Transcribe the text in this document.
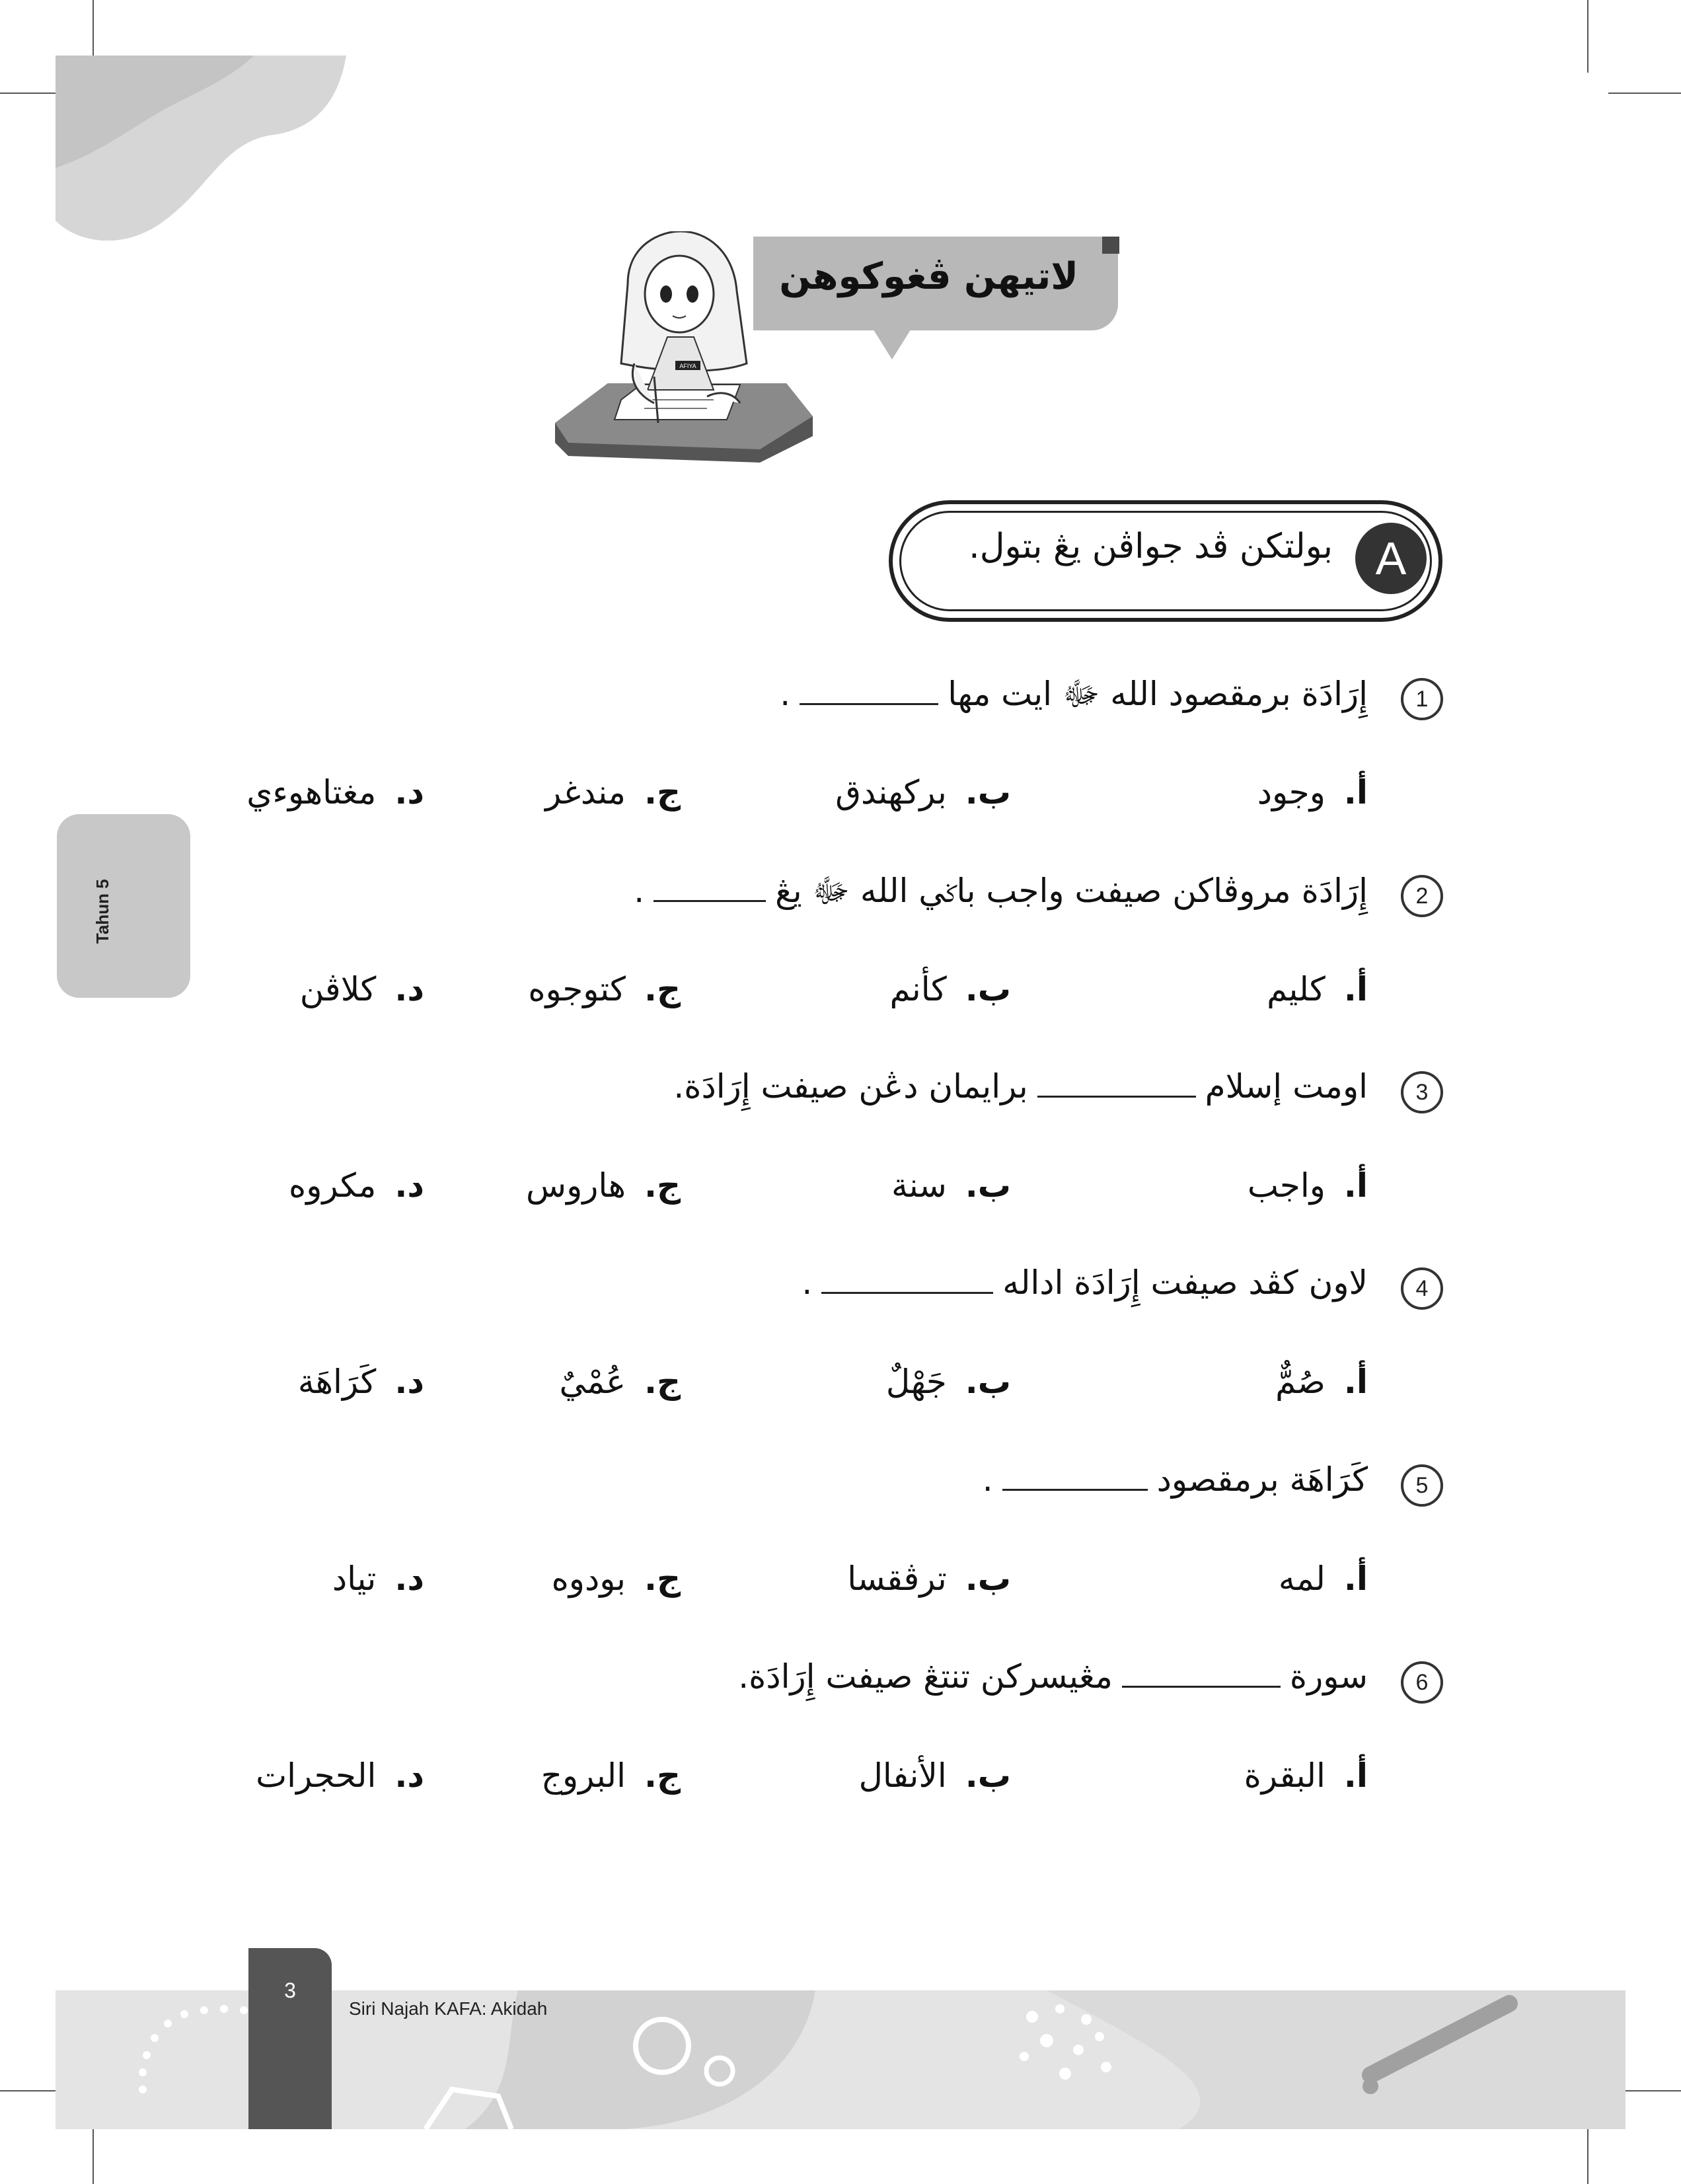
Tahun 5
AFIYA
لاتيهن ڤغوكوهن
A
بولتكن ڤد جواڤن يڠ بتول.
1
إِرَادَة برمقصود الله ﷻ ايت مها.
أ.وجود
ب.بركهندق
ج.مندغر
د.مغتاهوءي
2
إِرَادَة مروڤاكن صيفت واجب باݢي الله ﷻ يڠ.
أ.كليم
ب.كأنم
ج.كتوجوه
د.كلاڤن
3
اومت إسلامبرايمان دڠن صيفت إِرَادَة.
أ.واجب
ب.سنة
ج.هاروس
د.مكروه
4
لاون كڤد صيفت إِرَادَة اداله.
أ.صُمٌّ
ب.جَهْلٌ
ج.عُمْيٌ
د.كَرَاهَة
5
كَرَاهَة برمقصود.
أ.لمه
ب.ترڤقسا
ج.بودوه
د.تياد
6
سورةمڠيسركن تنتڠ صيفت إِرَادَة.
أ.البقرة
ب.الأنفال
ج.البروج
د.الحجرات
3
Siri Najah KAFA: Akidah
